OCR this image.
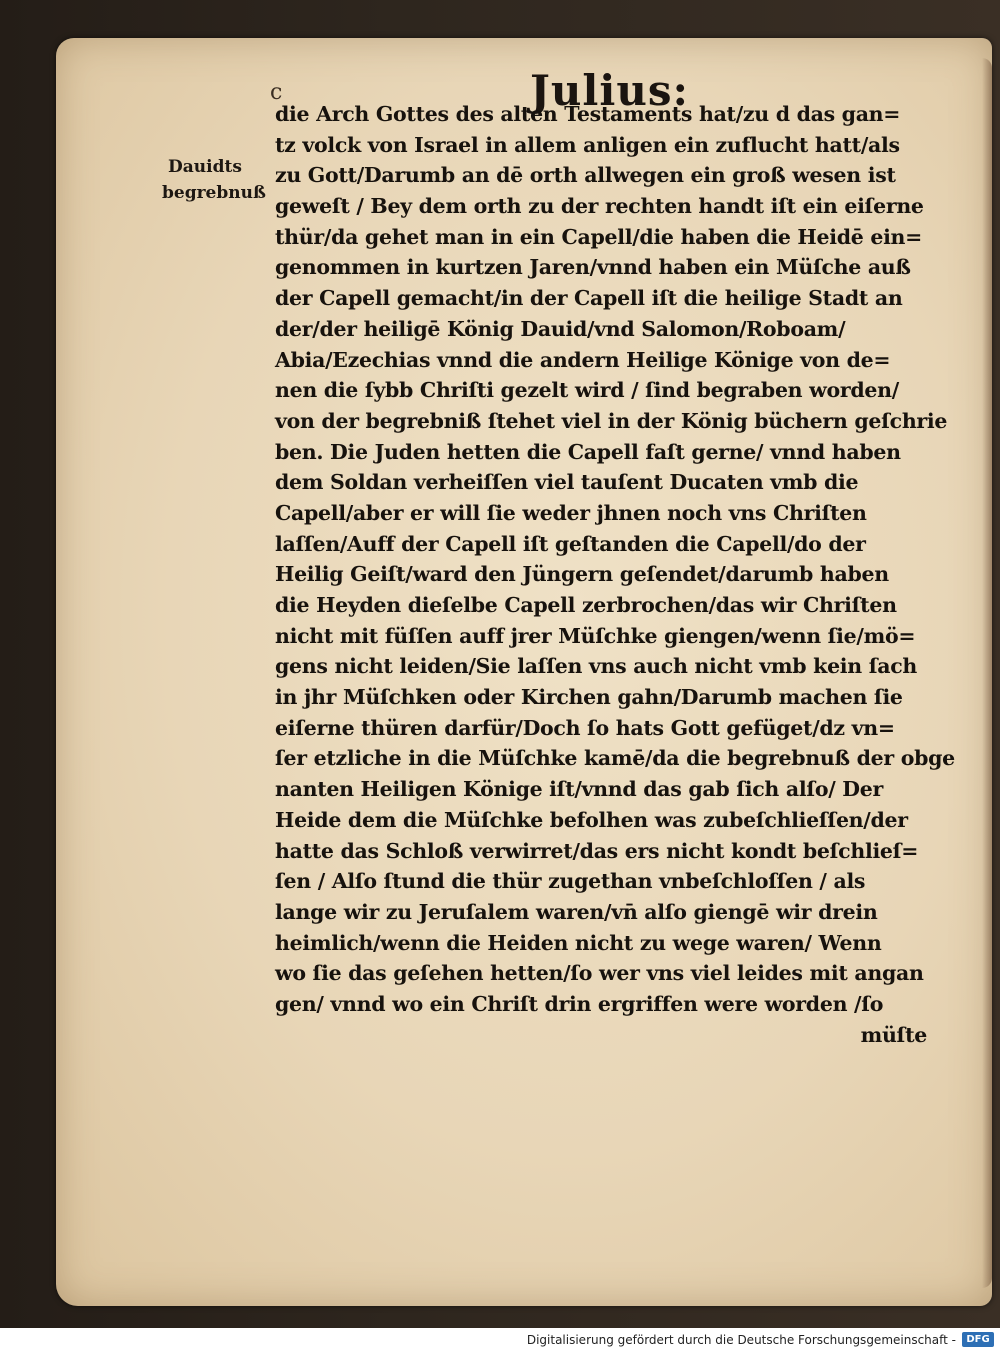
c	Julius:
Dauidts
begrebnuß
die Arch Gottes des alten Testaments hat/zu d das gan=
tz volck von Israel in allem anligen ein zuflucht hatt/als
zu Gott/Darumb an dē orth allwegen ein groß wesen ist
geweſt / Bey dem orth zu der rechten handt iſt ein eiſerne
thür/da gehet man in ein Capell/die haben die Heidē ein=
genommen in kurtzen Jaren/vnnd haben ein Müſche auß
der Capell gemacht/in der Capell iſt die heilige Stadt an
der/der heiligē König Dauid/vnd Salomon/Roboam/
Abia/Ezechias vnnd die andern Heilige Könige von de=
nen die ſybb Chriſti gezelt wird / ſind begraben worden/
von der begrebniß ſtehet viel in der König büchern geſchrie
ben. Die Juden hetten die Capell faſt gerne/ vnnd haben
dem Soldan verheiſſen viel tauſent Ducaten vmb die
Capell/aber er will ſie weder jhnen noch vns Chriſten
laſſen/Auff der Capell iſt geſtanden die Capell/do der
Heilig Geiſt/ward den Jüngern geſendet/darumb haben
die Heyden dieſelbe Capell zerbrochen/das wir Chriſten
nicht mit füſſen auff jrer Müſchke giengen/wenn ſie/mö=
gens nicht leiden/Sie laſſen vns auch nicht vmb kein ſach
in jhr Müſchken oder Kirchen gahn/Darumb machen ſie
eiſerne thüren darfür/Doch ſo hats Gott gefüget/dz vn=
ſer etzliche in die Müſchke kamē/da die begrebnuß der obge
nanten Heiligen Könige iſt/vnnd das gab ſich alſo/ Der
Heide dem die Müſchke befolhen was zubeſchlieſſen/der
hatte das Schloß verwirret/das ers nicht kondt beſchlieſ=
ſen / Alſo ſtund die thür zugethan vnbeſchloſſen / als
lange wir zu Jeruſalem waren/vn̄ alſo giengē wir drein
heimlich/wenn die Heiden nicht zu wege waren/ Wenn
wo ſie das geſehen hetten/ſo wer vns viel leides mit angan
gen/ vnnd wo ein Chriſt drin ergriffen were worden /ſo
müſte
Digitalisierung gefördert durch die Deutsche Forschungsgemeinschaft -	DFG
